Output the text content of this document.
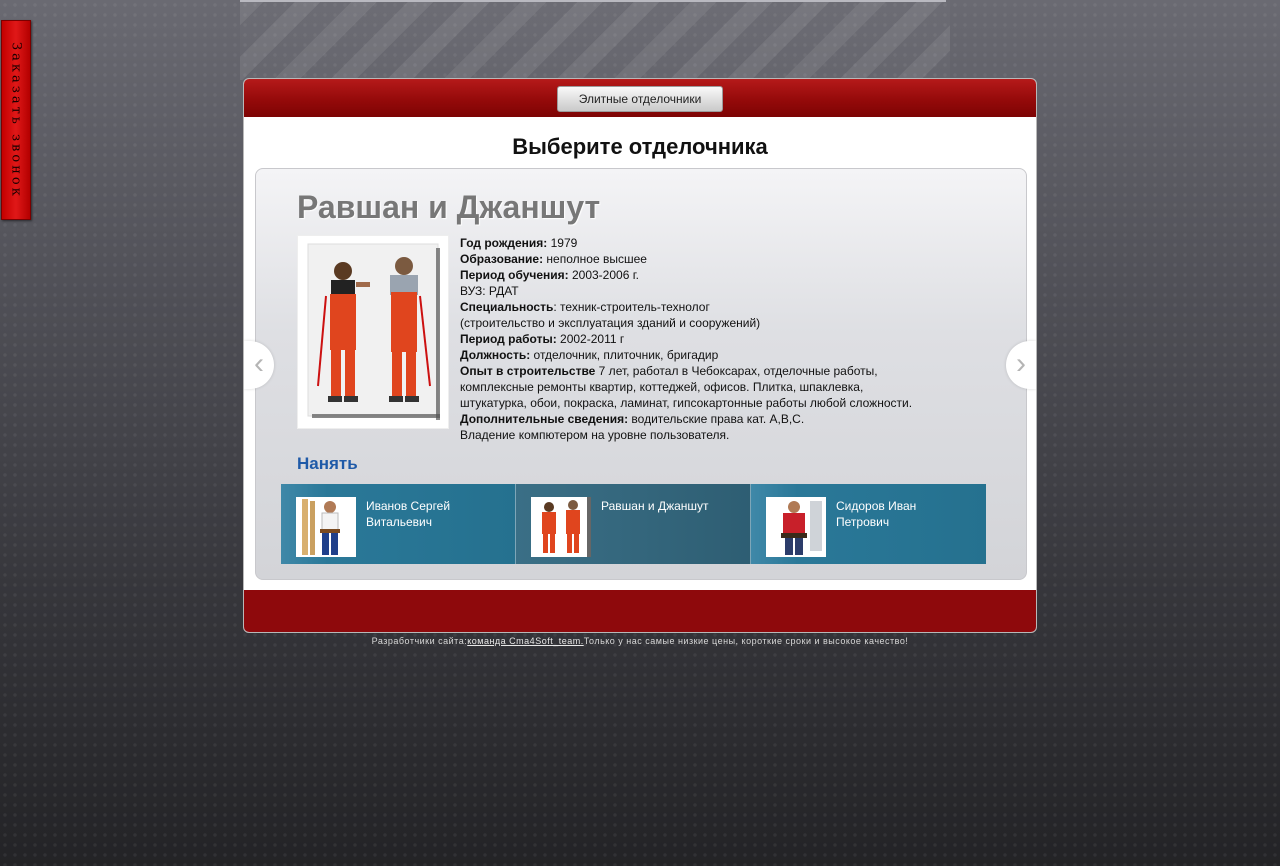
Заказать звонок	Элитные отделочники
Выберите отделочника
Равшан и Джаншут
Год рождения: 1979
Образование: неполное высшее
Период обучения: 2003-2006 г.
ВУЗ: РДАТ
Специальность: техник-строитель-технолог
(строительство и эксплуатация зданий и сооружений)
Период работы: 2002-2011 г
Должность: отделочник, плиточник, бригадир
Опыт в строительстве 7 лет, работал в Чебоксарах, отделочные работы,
комплексные ремонты квартир, коттеджей, офисов. Плитка, шпаклевка,
штукатурка, обои, покраска, ламинат, гипсокартонные работы любой сложности.
Дополнительные сведения: водительские права кат. А,В,С.
Владение компютером на уровне пользователя.
Нанять
‹	›
Иванов Сергей Витальевич
Равшан и Джаншут	Сидоров Иван Петрович
Разработчики сайта:команда Cma4Soft_team.Только у нас самые низкие цены, короткие сроки и высокое качество!
